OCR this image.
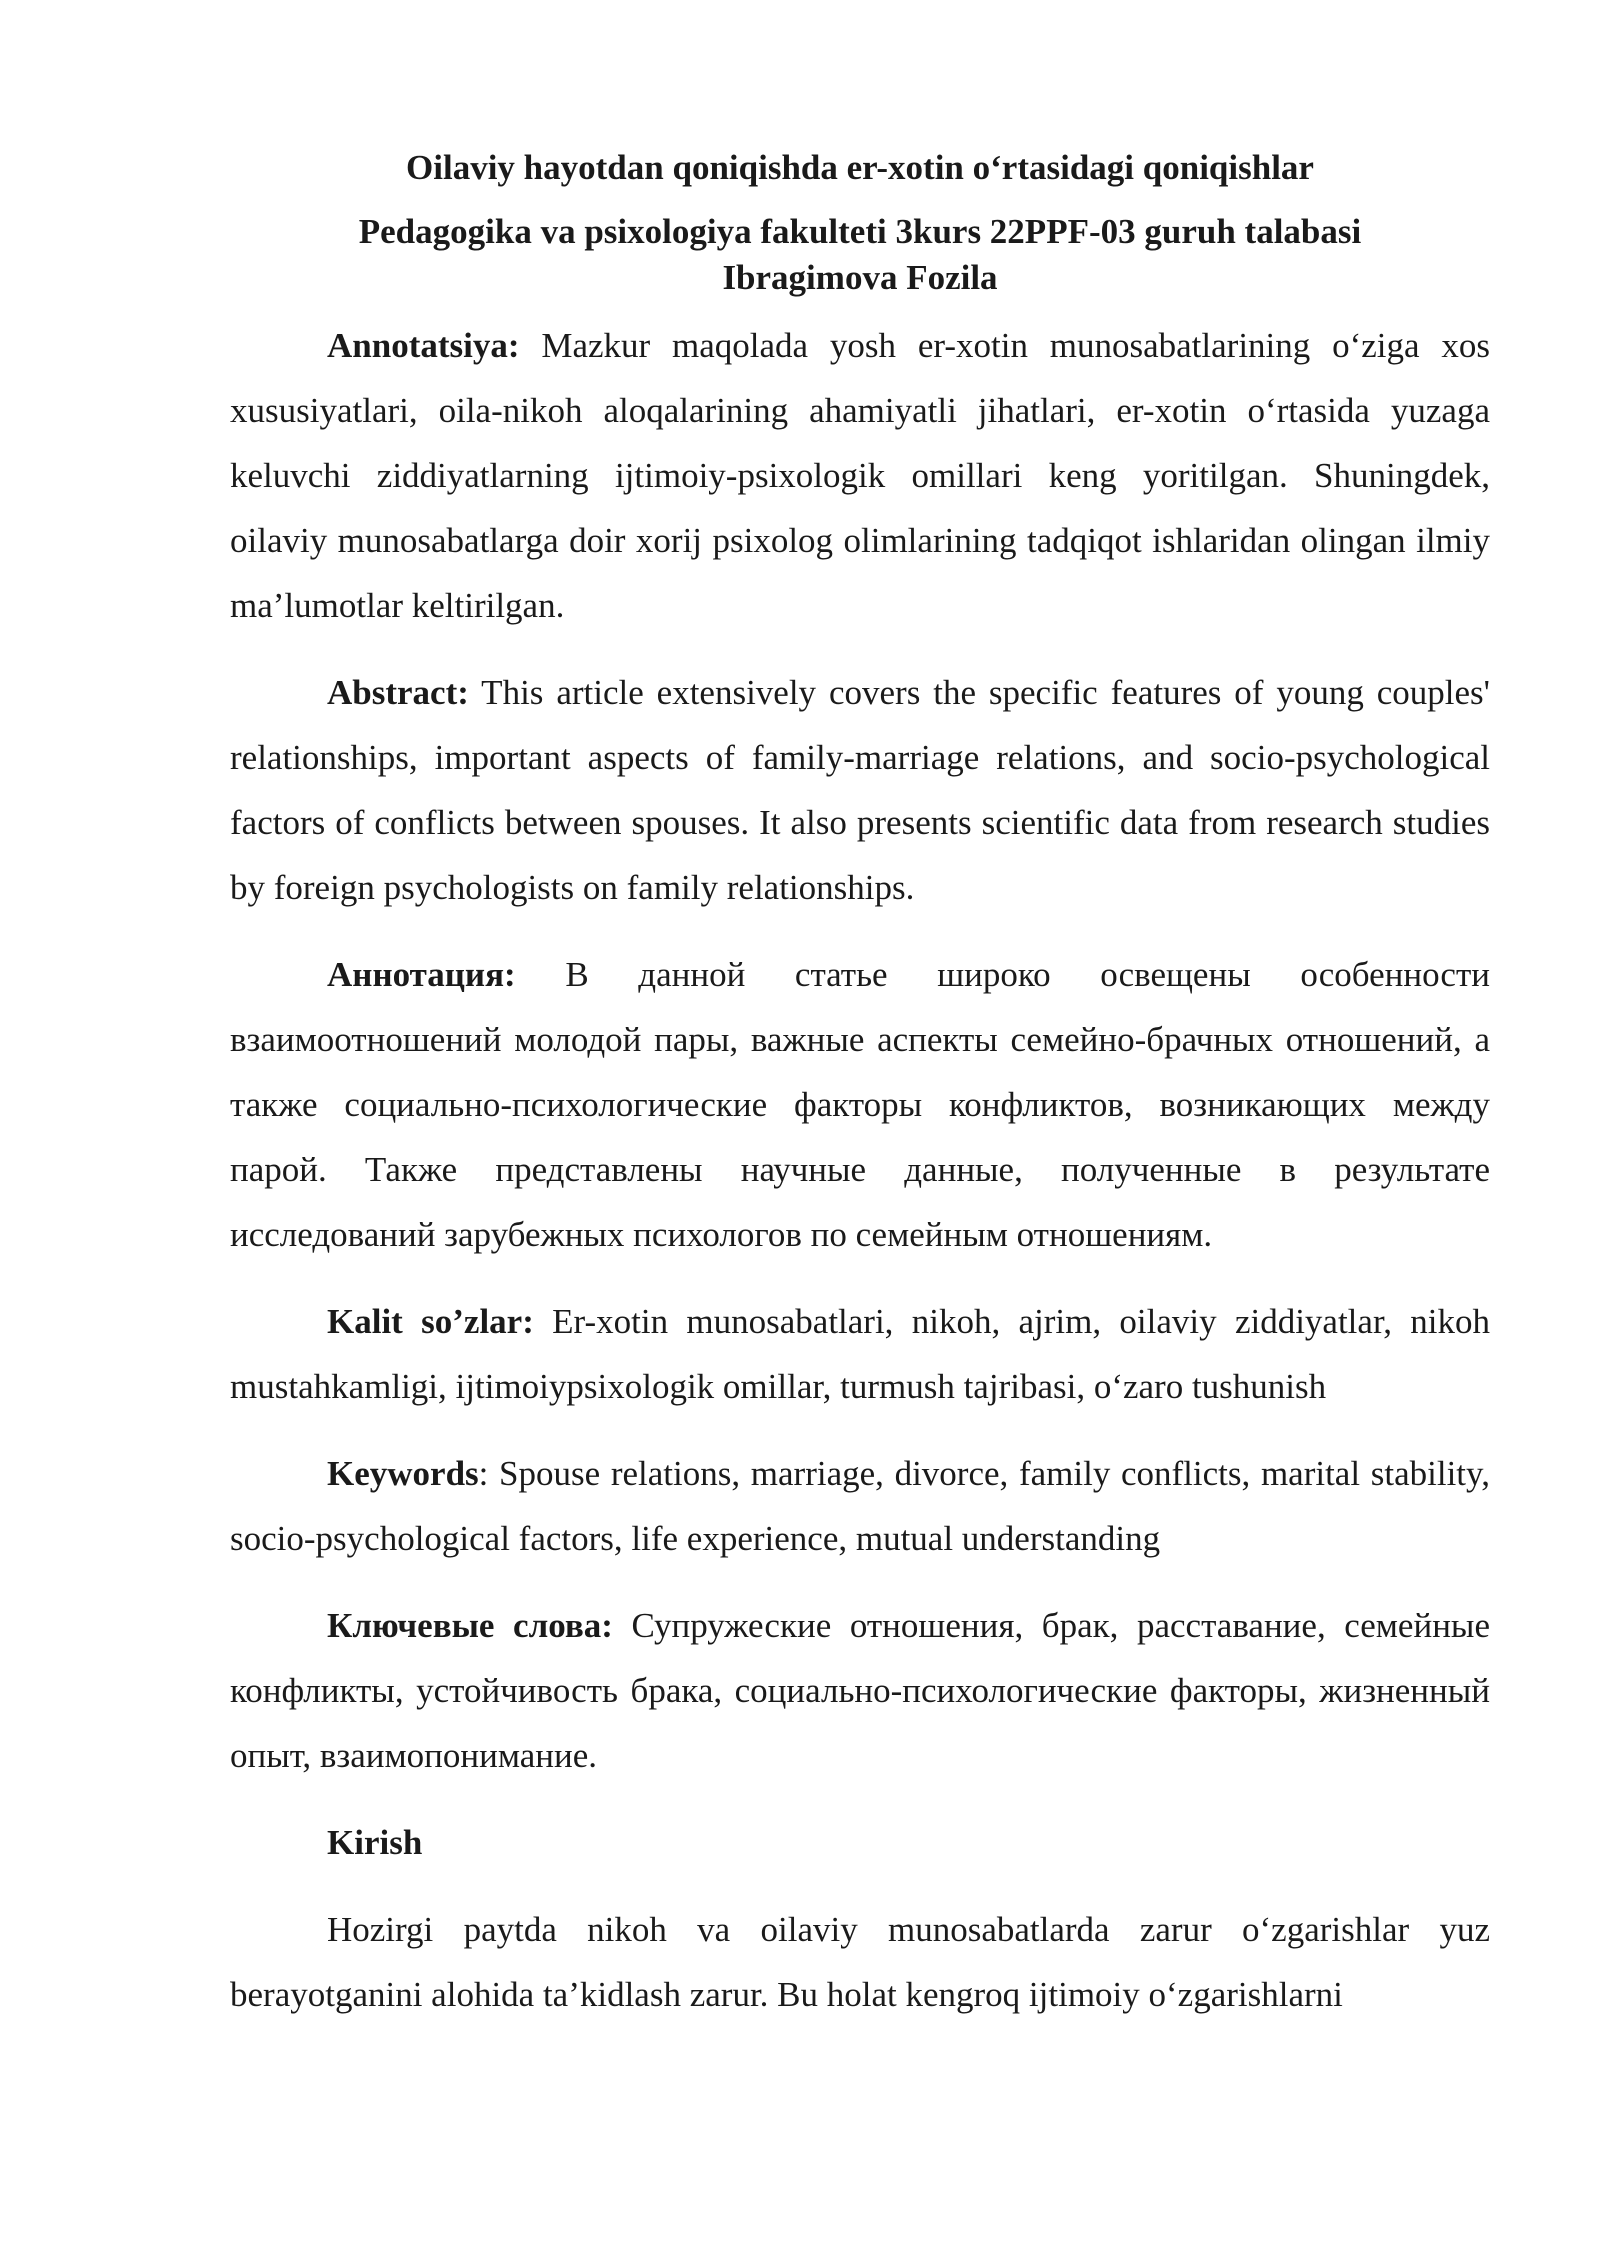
Oilaviy hayotdan qoniqishda er-xotin o‘rtasidagi qoniqishlar
Pedagogika va psixologiya fakulteti 3kurs 22PPF-03 guruh talabasi
Ibragimova Fozila

Annotatsiya: Mazkur maqolada yosh er-xotin munosabatlarining o‘ziga xos xususiyatlari, oila-nikoh aloqalarining ahamiyatli jihatlari, er-xotin o‘rtasida yuzaga keluvchi ziddiyatlarning ijtimoiy-psixologik omillari keng yoritilgan. Shuningdek, oilaviy munosabatlarga doir xorij psixolog olimlarining tadqiqot ishlaridan olingan ilmiy ma’lumotlar keltirilgan.

Abstract: This article extensively covers the specific features of young couples' relationships, important aspects of family-marriage relations, and socio-psychological factors of conflicts between spouses. It also presents scientific data from research studies by foreign psychologists on family relationships.

Аннотация: В данной статье широко освещены особенности взаимоотношений молодой пары, важные аспекты семейно-брачных отношений, а также социально-психологические факторы конфликтов, возникающих между парой. Также представлены научные данные, полученные в результате исследований зарубежных психологов по семейным отношениям.

Kalit so’zlar: Er-xotin munosabatlari, nikoh, ajrim, oilaviy ziddiyatlar, nikoh mustahkamligi, ijtimoiypsixologik omillar, turmush tajribasi, o‘zaro tushunish

Keywords: Spouse relations, marriage, divorce, family conflicts, marital stability, socio-psychological factors, life experience, mutual understanding

Ключевые слова: Супружеские отношения, брак, расставание, семейные конфликты, устойчивость брака, социально-психологические факторы, жизненный опыт, взаимопонимание.

Kirish

Hozirgi paytda nikoh va oilaviy munosabatlarda zarur o‘zgarishlar yuz berayotganini alohida ta’kidlash zarur. Bu holat kengroq ijtimoiy o‘zgarishlarni
